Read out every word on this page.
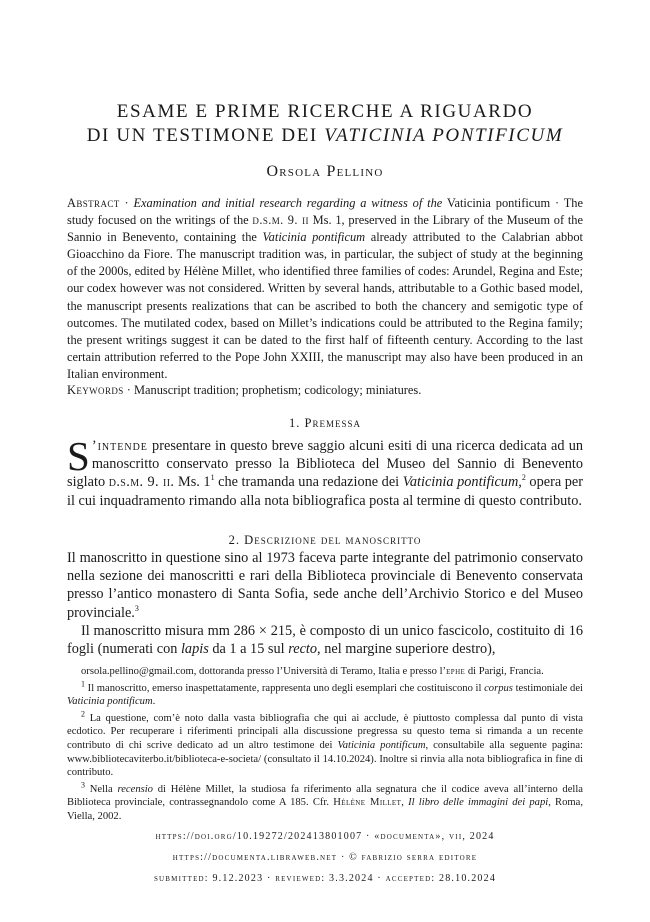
ESAME E PRIME RICERCHE A RIGUARDO
DI UN TESTIMONE DEI VATICINIA PONTIFICUM
Orsola Pellino
Abstract · Examination and initial research regarding a witness of the Vaticinia pontificum · The study focused on the writings of the d.s.m. 9. ii Ms. 1, preserved in the Library of the Museum of the Sannio in Benevento, containing the Vaticinia pontificum already attributed to the Calabrian abbot Gioacchino da Fiore. The manuscript tradition was, in particular, the subject of study at the beginning of the 2000s, edited by Hélène Millet, who identified three families of codes: Arundel, Regina and Este; our codex however was not considered. Written by several hands, attributable to a Gothic based model, the manuscript presents realizations that can be ascribed to both the chancery and semigotic type of outcomes. The mutilated codex, based on Millet’s indications could be attributed to the Regina family; the present writings suggest it can be dated to the first half of fifteenth century. According to the last certain attribution referred to the Pope John XXIII, the manuscript may also have been produced in an Italian environment.
Keywords · Manuscript tradition; prophetism; codicology; miniatures.
1. Premessa
S ’intende presentare in questo breve saggio alcuni esiti di una ricerca dedicata ad un manoscritto conservato presso la Biblioteca del Museo del Sannio di Benevento siglato d.s.m. 9. ii. Ms. $1^1$ che tramanda una redazione dei Vaticinia pontificum,$^2$ opera per il cui inquadramento rimando alla nota bibliografica posta al termine di questo contributo.
2. Descrizione del manoscritto
Il manoscritto in questione sino al 1973 faceva parte integrante del patrimonio conservato nella sezione dei manoscritti e rari della Biblioteca provinciale di Benevento conservata presso l’antico monastero di Santa Sofia, sede anche dell’Archivio Storico e del Museo provinciale.$^3$
Il manoscritto misura mm 286 × 215, è composto di un unico fascicolo, costituito di 16 fogli (numerati con lapis da 1 a 15 sul recto, nel margine superiore destro),
orsola.pellino@gmail.com, dottoranda presso l’Università di Teramo, Italia e presso l’ephe di Parigi, Francia.
$^1$ Il manoscritto, emerso inaspettatamente, rappresenta uno degli esemplari che costituiscono il corpus testimoniale dei Vaticinia pontificum.
$^2$ La questione, com’è noto dalla vasta bibliografia che qui ai acclude, è piuttosto complessa dal punto di vista ecdotico. Per recuperare i riferimenti principali alla discussione pregressa su questo tema si rimanda a un recente contributo di chi scrive dedicato ad un altro testimone dei Vaticinia pontificum, consultabile alla seguente pagina: www.bibliotecaviterbo.it/biblioteca-e-societa/ (consultato il 14.10.2024). Inoltre si rinvia alla nota bibliografica in fine di contributo.
$^3$ Nella recensio di Hélène Millet, la studiosa fa riferimento alla segnatura che il codice aveva all’interno della Biblioteca provinciale, contrassegnandolo come A 185. Cfr. Hélène Millet, Il libro delle immagini dei papi, Roma, Viella, 2002.
https://doi.org/10.19272/202413801007 · «documenta», vii, 2024
https://documenta.libraweb.net · © fabrizio serra editore
submitted: 9.12.2023 · reviewed: 3.3.2024 · accepted: 28.10.2024
